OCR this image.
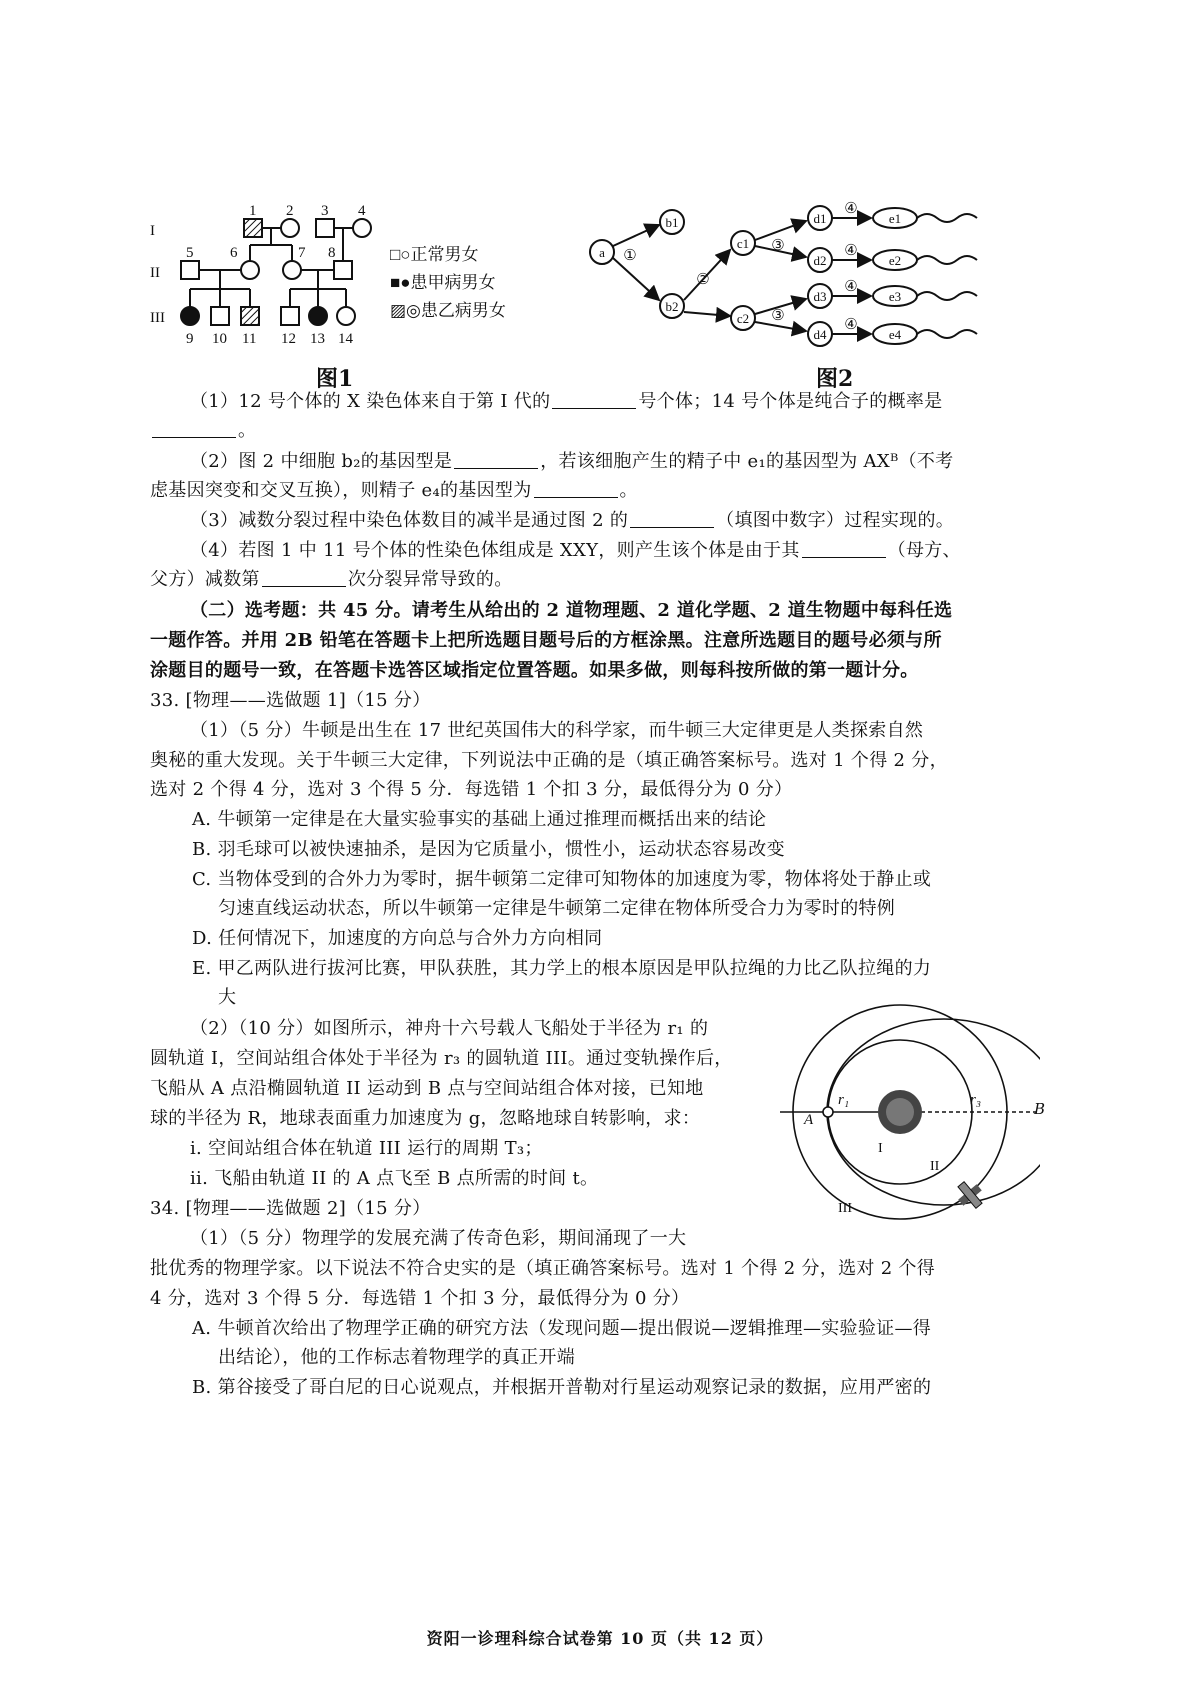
I
II
III
1 2 3 4
5 6	7 8
9 10 11 12 13 14
□○正常男女
■●患甲病男女
▨◎患乙病男女
图1
a
b1
b2
c1
c2
d1
d2
d3
d4
e1
e2
e3
e4
①
②
③
③
④
④
④
④
图2
（1）12 号个体的 X 染色体来自于第 I 代的	号个体；14 号个体是纯合子的概率是
。
（2）图 2 中细胞 b₂的基因型是	，若该细胞产生的精子中 e₁的基因型为 AXᴮ（不考
虑基因突变和交叉互换），则精子 e₄的基因型为	。
（3）减数分裂过程中染色体数目的减半是通过图 2 的	（填图中数字）过程实现的。
（4）若图 1 中 11 号个体的性染色体组成是 XXY，则产生该个体是由于其	（母方、
父方）减数第	次分裂异常导致的。
（二）选考题：共 45 分。请考生从给出的 2 道物理题、2 道化学题、2 道生物题中每科任选
一题作答。并用 2B 铅笔在答题卡上把所选题目题号后的方框涂黑。注意所选题目的题号必须与所
涂题目的题号一致，在答题卡选答区域指定位置答题。如果多做，则每科按所做的第一题计分。
33. [物理——选做题 1]（15 分）
（1）（5 分）牛顿是出生在 17 世纪英国伟大的科学家，而牛顿三大定律更是人类探索自然
奥秘的重大发现。关于牛顿三大定律，下列说法中正确的是（填正确答案标号。选对 1 个得 2 分，
选对 2 个得 4 分，选对 3 个得 5 分．每选错 1 个扣 3 分，最低得分为 0 分）
A. 牛顿第一定律是在大量实验事实的基础上通过推理而概括出来的结论
B. 羽毛球可以被快速抽杀，是因为它质量小，惯性小，运动状态容易改变
C. 当物体受到的合外力为零时，据牛顿第二定律可知物体的加速度为零，物体将处于静止或
匀速直线运动状态，所以牛顿第一定律是牛顿第二定律在物体所受合力为零时的特例
D. 任何情况下，加速度的方向总与合外力方向相同
E. 甲乙两队进行拔河比赛，甲队获胜，其力学上的根本原因是甲队拉绳的力比乙队拉绳的力
大
（2）（10 分）如图所示，神舟十六号载人飞船处于半径为 r₁ 的
圆轨道 I，空间站组合体处于半径为 r₃ 的圆轨道 III。通过变轨操作后，
飞船从 A 点沿椭圆轨道 II 运动到 B 点与空间站组合体对接，已知地
球的半径为 R，地球表面重力加速度为 g，忽略地球自转影响，求：
i. 空间站组合体在轨道 III 运行的周期 T₃；
ii. 飞船由轨道 II 的 A 点飞至 B 点所需的时间 t。
A
r₁	r₃
I
II
III
B
34. [物理——选做题 2]（15 分）
（1）（5 分）物理学的发展充满了传奇色彩，期间涌现了一大
批优秀的物理学家。以下说法不符合史实的是（填正确答案标号。选对 1 个得 2 分，选对 2 个得
4 分，选对 3 个得 5 分．每选错 1 个扣 3 分，最低得分为 0 分）
A. 牛顿首次给出了物理学正确的研究方法（发现问题—提出假说—逻辑推理—实验验证—得
出结论），他的工作标志着物理学的真正开端
B. 第谷接受了哥白尼的日心说观点，并根据开普勒对行星运动观察记录的数据，应用严密的
资阳一诊理科综合试卷第 10 页（共 12 页）
